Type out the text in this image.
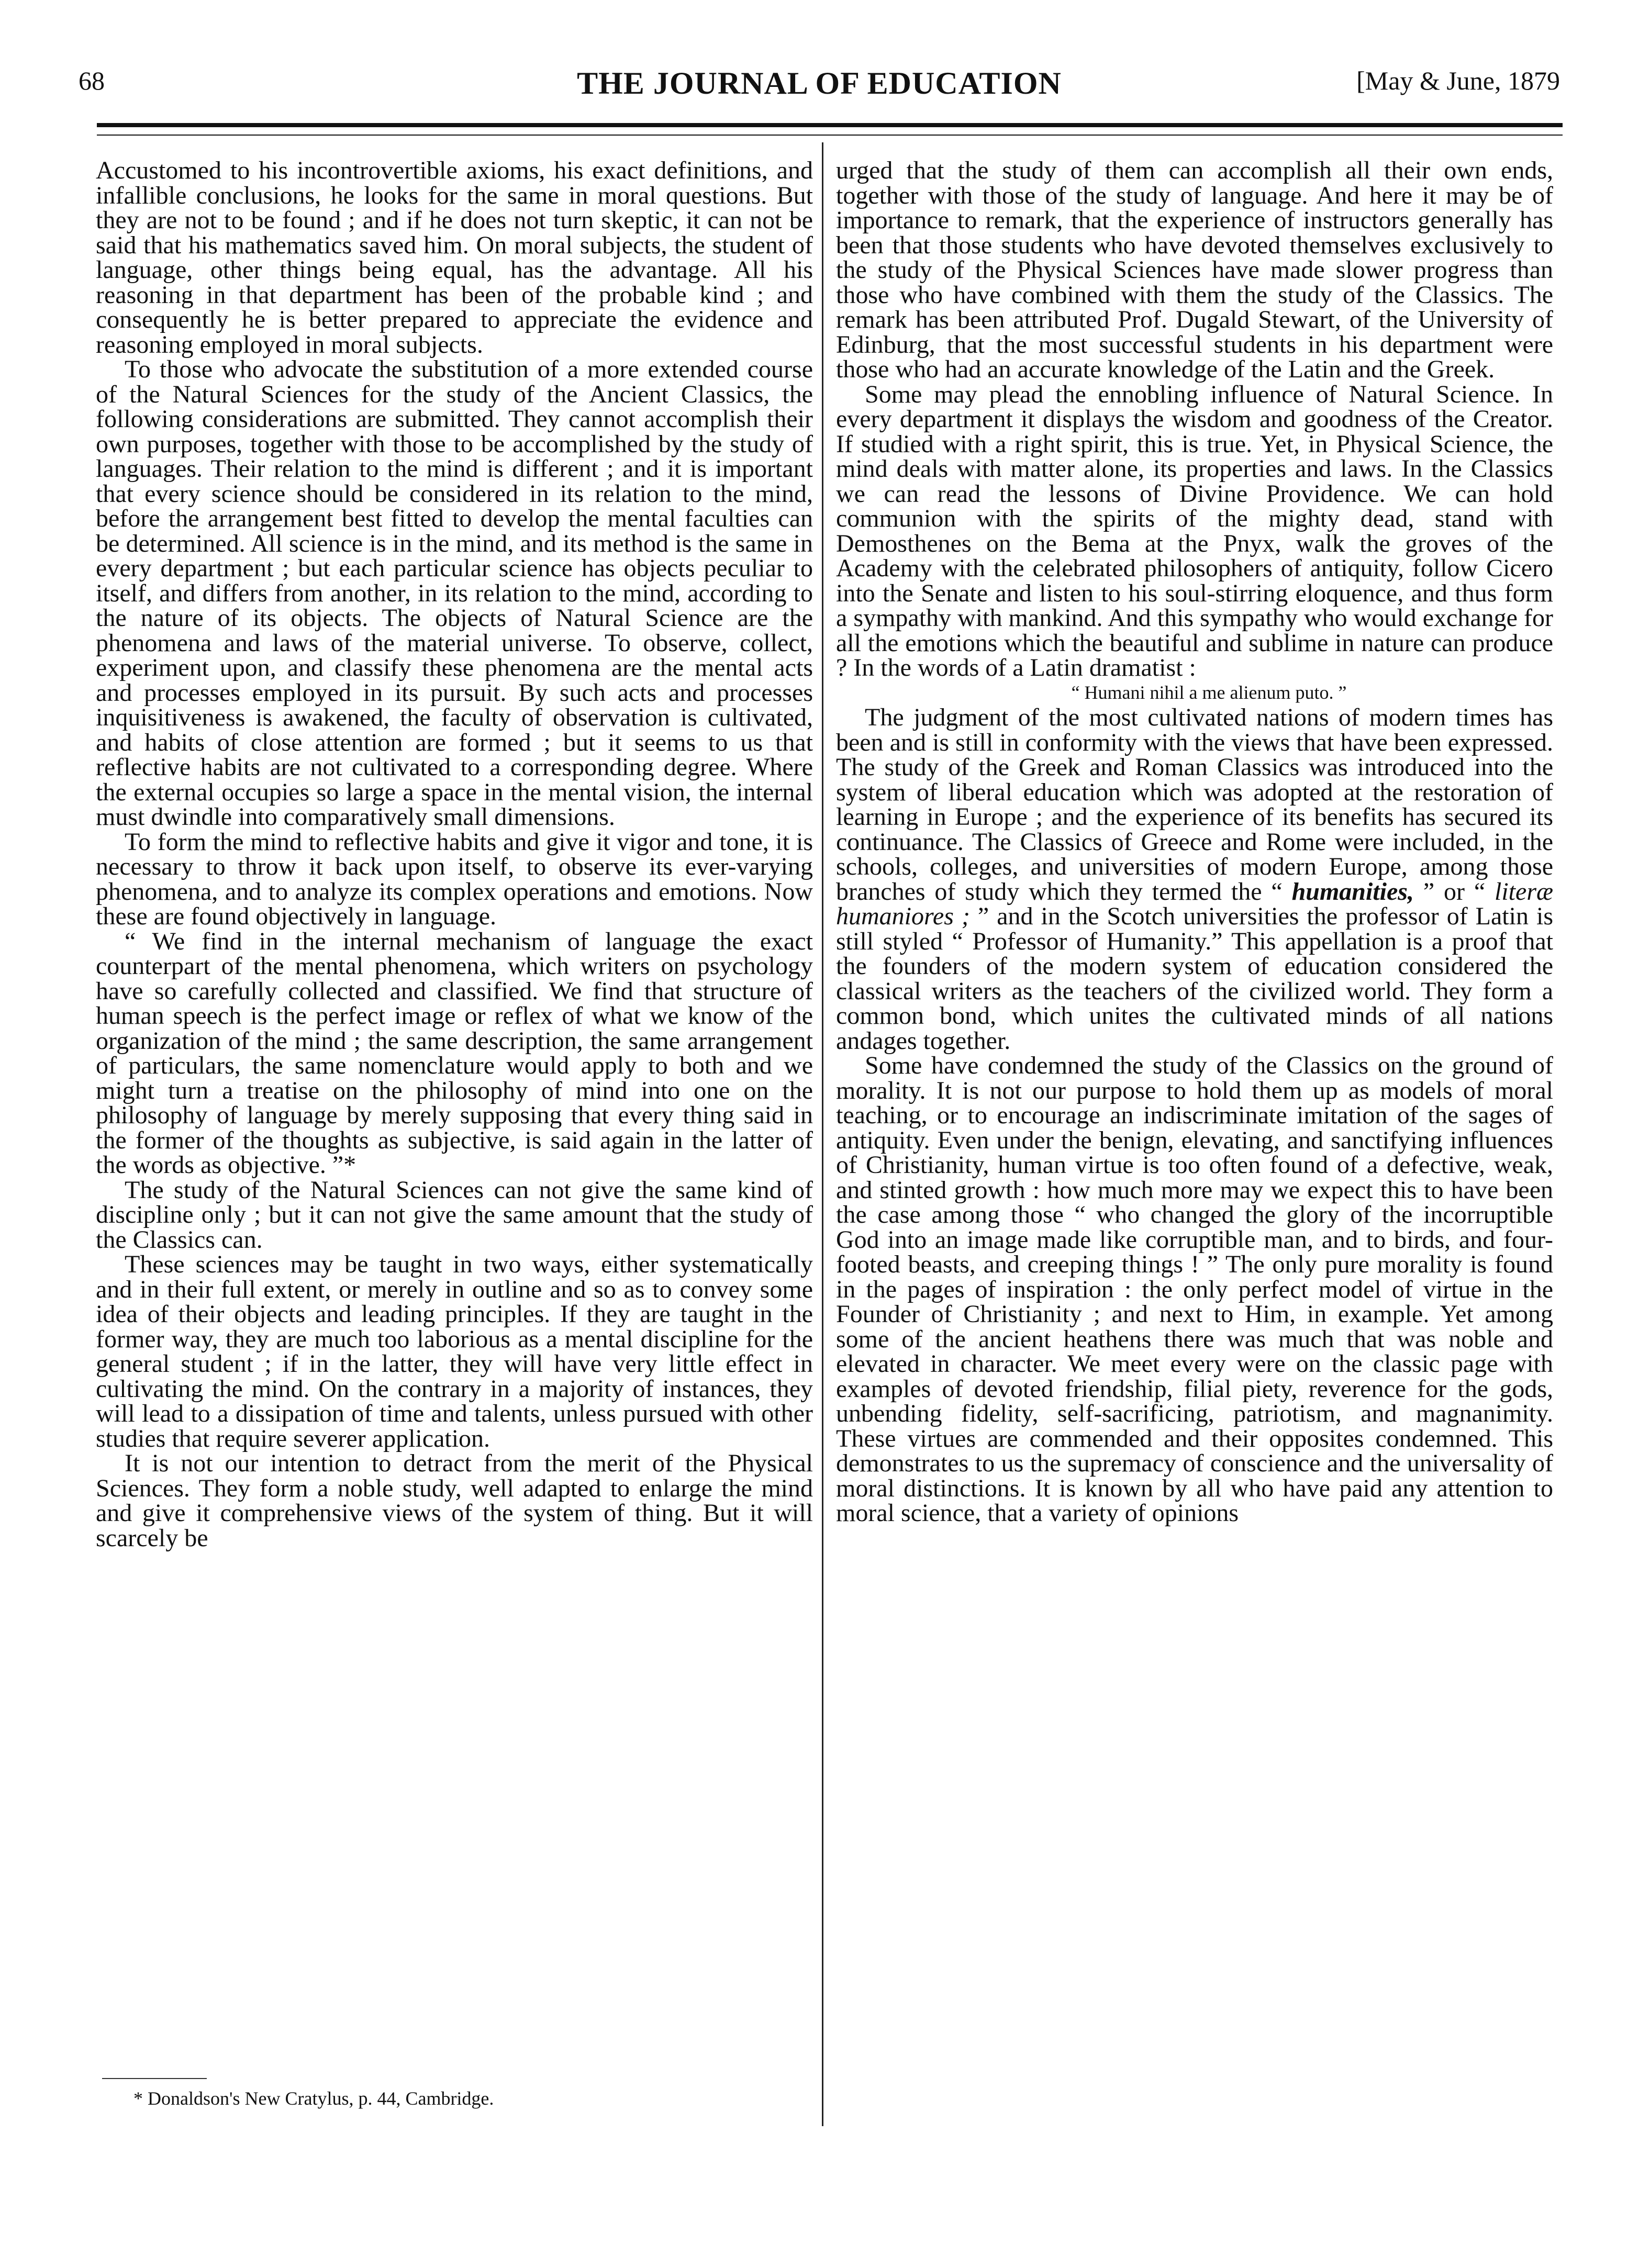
68	THE JOURNAL OF EDUCATION	[May & June, 1879

Accustomed to his incontrovertible axioms, his exact definitions, and infallible conclusions, he looks for the same in moral questions. But they are not to be found ; and if he does not turn skeptic, it can not be said that his mathematics saved him. On moral subjects, the student of language, other things being equal, has the advantage. All his reasoning in that department has been of the probable kind ; and consequently he is better prepared to appreciate the evidence and reasoning employed in moral subjects.

To those who advocate the substitution of a more extended course of the Natural Sciences for the study of the Ancient Classics, the following considerations are submitted. They cannot accomplish their own purposes, together with those to be accomplished by the study of languages. Their relation to the mind is different ; and it is important that every science should be considered in its relation to the mind, before the arrangement best fitted to develop the mental faculties can be determined. All science is in the mind, and its method is the same in every department ; but each particular science has objects peculiar to itself, and differs from another, in its relation to the mind, according to the nature of its objects. The objects of Natural Science are the phenomena and laws of the material universe. To observe, collect, experiment upon, and classify these phenomena are the mental acts and processes employed in its pursuit. By such acts and processes inquisitiveness is awakened, the faculty of observation is cultivated, and habits of close attention are formed ; but it seems to us that reflective habits are not cultivated to a corresponding degree. Where the external occupies so large a space in the mental vision, the internal must dwindle into comparatively small dimensions.

To form the mind to reflective habits and give it vigor and tone, it is necessary to throw it back upon itself, to observe its ever-varying phenomena, and to analyze its complex operations and emotions. Now these are found objectively in language.

“ We find in the internal mechanism of language the exact counterpart of the mental phenomena, which writers on psychology have so carefully collected and classified. We find that structure of human speech is the perfect image or reflex of what we know of the organization of the mind ; the same description, the same arrangement of particulars, the same nomenclature would apply to both and we might turn a treatise on the philosophy of mind into one on the philosophy of language by merely supposing that every thing said in the former of the thoughts as subjective, is said again in the latter of the words as objective. ”*

The study of the Natural Sciences can not give the same kind of discipline only ; but it can not give the same amount that the study of the Classics can.

These sciences may be taught in two ways, either systematically and in their full extent, or merely in outline and so as to convey some idea of their objects and leading principles. If they are taught in the former way, they are much too laborious as a mental discipline for the general student ; if in the latter, they will have very little effect in cultivating the mind. On the contrary in a majority of instances, they will lead to a dissipation of time and talents, unless pursued with other studies that require severer application.

It is not our intention to detract from the merit of the Physical Sciences. They form a noble study, well adapted to enlarge the mind and give it comprehensive views of the system of thing. But it will scarcely be

* Donaldson's New Cratylus, p. 44, Cambridge.

urged that the study of them can accomplish all their own ends, together with those of the study of language. And here it may be of importance to remark, that the experience of instructors generally has been that those students who have devoted themselves exclusively to the study of the Physical Sciences have made slower progress than those who have combined with them the study of the Classics. The remark has been attributed Prof. Dugald Stewart, of the University of Edinburg, that the most successful students in his department were those who had an accurate knowledge of the Latin and the Greek.

Some may plead the ennobling influence of Natural Science. In every department it displays the wisdom and goodness of the Creator. If studied with a right spirit, this is true. Yet, in Physical Science, the mind deals with matter alone, its properties and laws. In the Classics we can read the lessons of Divine Providence. We can hold communion with the spirits of the mighty dead, stand with Demosthenes on the Bema at the Pnyx, walk the groves of the Academy with the celebrated philosophers of antiquity, follow Cicero into the Senate and listen to his soul-stirring eloquence, and thus form a sympathy with mankind. And this sympathy who would exchange for all the emotions which the beautiful and sublime in nature can produce ? In the words of a Latin dramatist :

“ Humani nihil a me alienum puto. ”

The judgment of the most cultivated nations of modern times has been and is still in conformity with the views that have been expressed. The study of the Greek and Roman Classics was introduced into the system of liberal education which was adopted at the restoration of learning in Europe ; and the experience of its benefits has secured its continuance. The Classics of Greece and Rome were included, in the schools, colleges, and universities of modern Europe, among those branches of study which they termed the “ humanities, ” or “ literæ humaniores ; ” and in the Scotch universities the professor of Latin is still styled “ Professor of Humanity.” This appellation is a proof that the founders of the modern system of education considered the classical writers as the teachers of the civilized world. They form a common bond, which unites the cultivated minds of all nations andages together.

Some have condemned the study of the Classics on the ground of morality. It is not our purpose to hold them up as models of moral teaching, or to encourage an indiscriminate imitation of the sages of antiquity. Even under the benign, elevating, and sanctifying influences of Christianity, human virtue is too often found of a defective, weak, and stinted growth : how much more may we expect this to have been the case among those “ who changed the glory of the incorruptible God into an image made like corruptible man, and to birds, and four-footed beasts, and creeping things ! ” The only pure morality is found in the pages of inspiration : the only perfect model of virtue in the Founder of Christianity ; and next to Him, in example. Yet among some of the ancient heathens there was much that was noble and elevated in character. We meet every were on the classic page with examples of devoted friendship, filial piety, reverence for the gods, unbending fidelity, self-sacrificing, patriotism, and magnanimity. These virtues are commended and their opposites condemned. This demonstrates to us the supremacy of conscience and the universality of moral distinctions. It is known by all who have paid any attention to moral science, that a variety of opinions
